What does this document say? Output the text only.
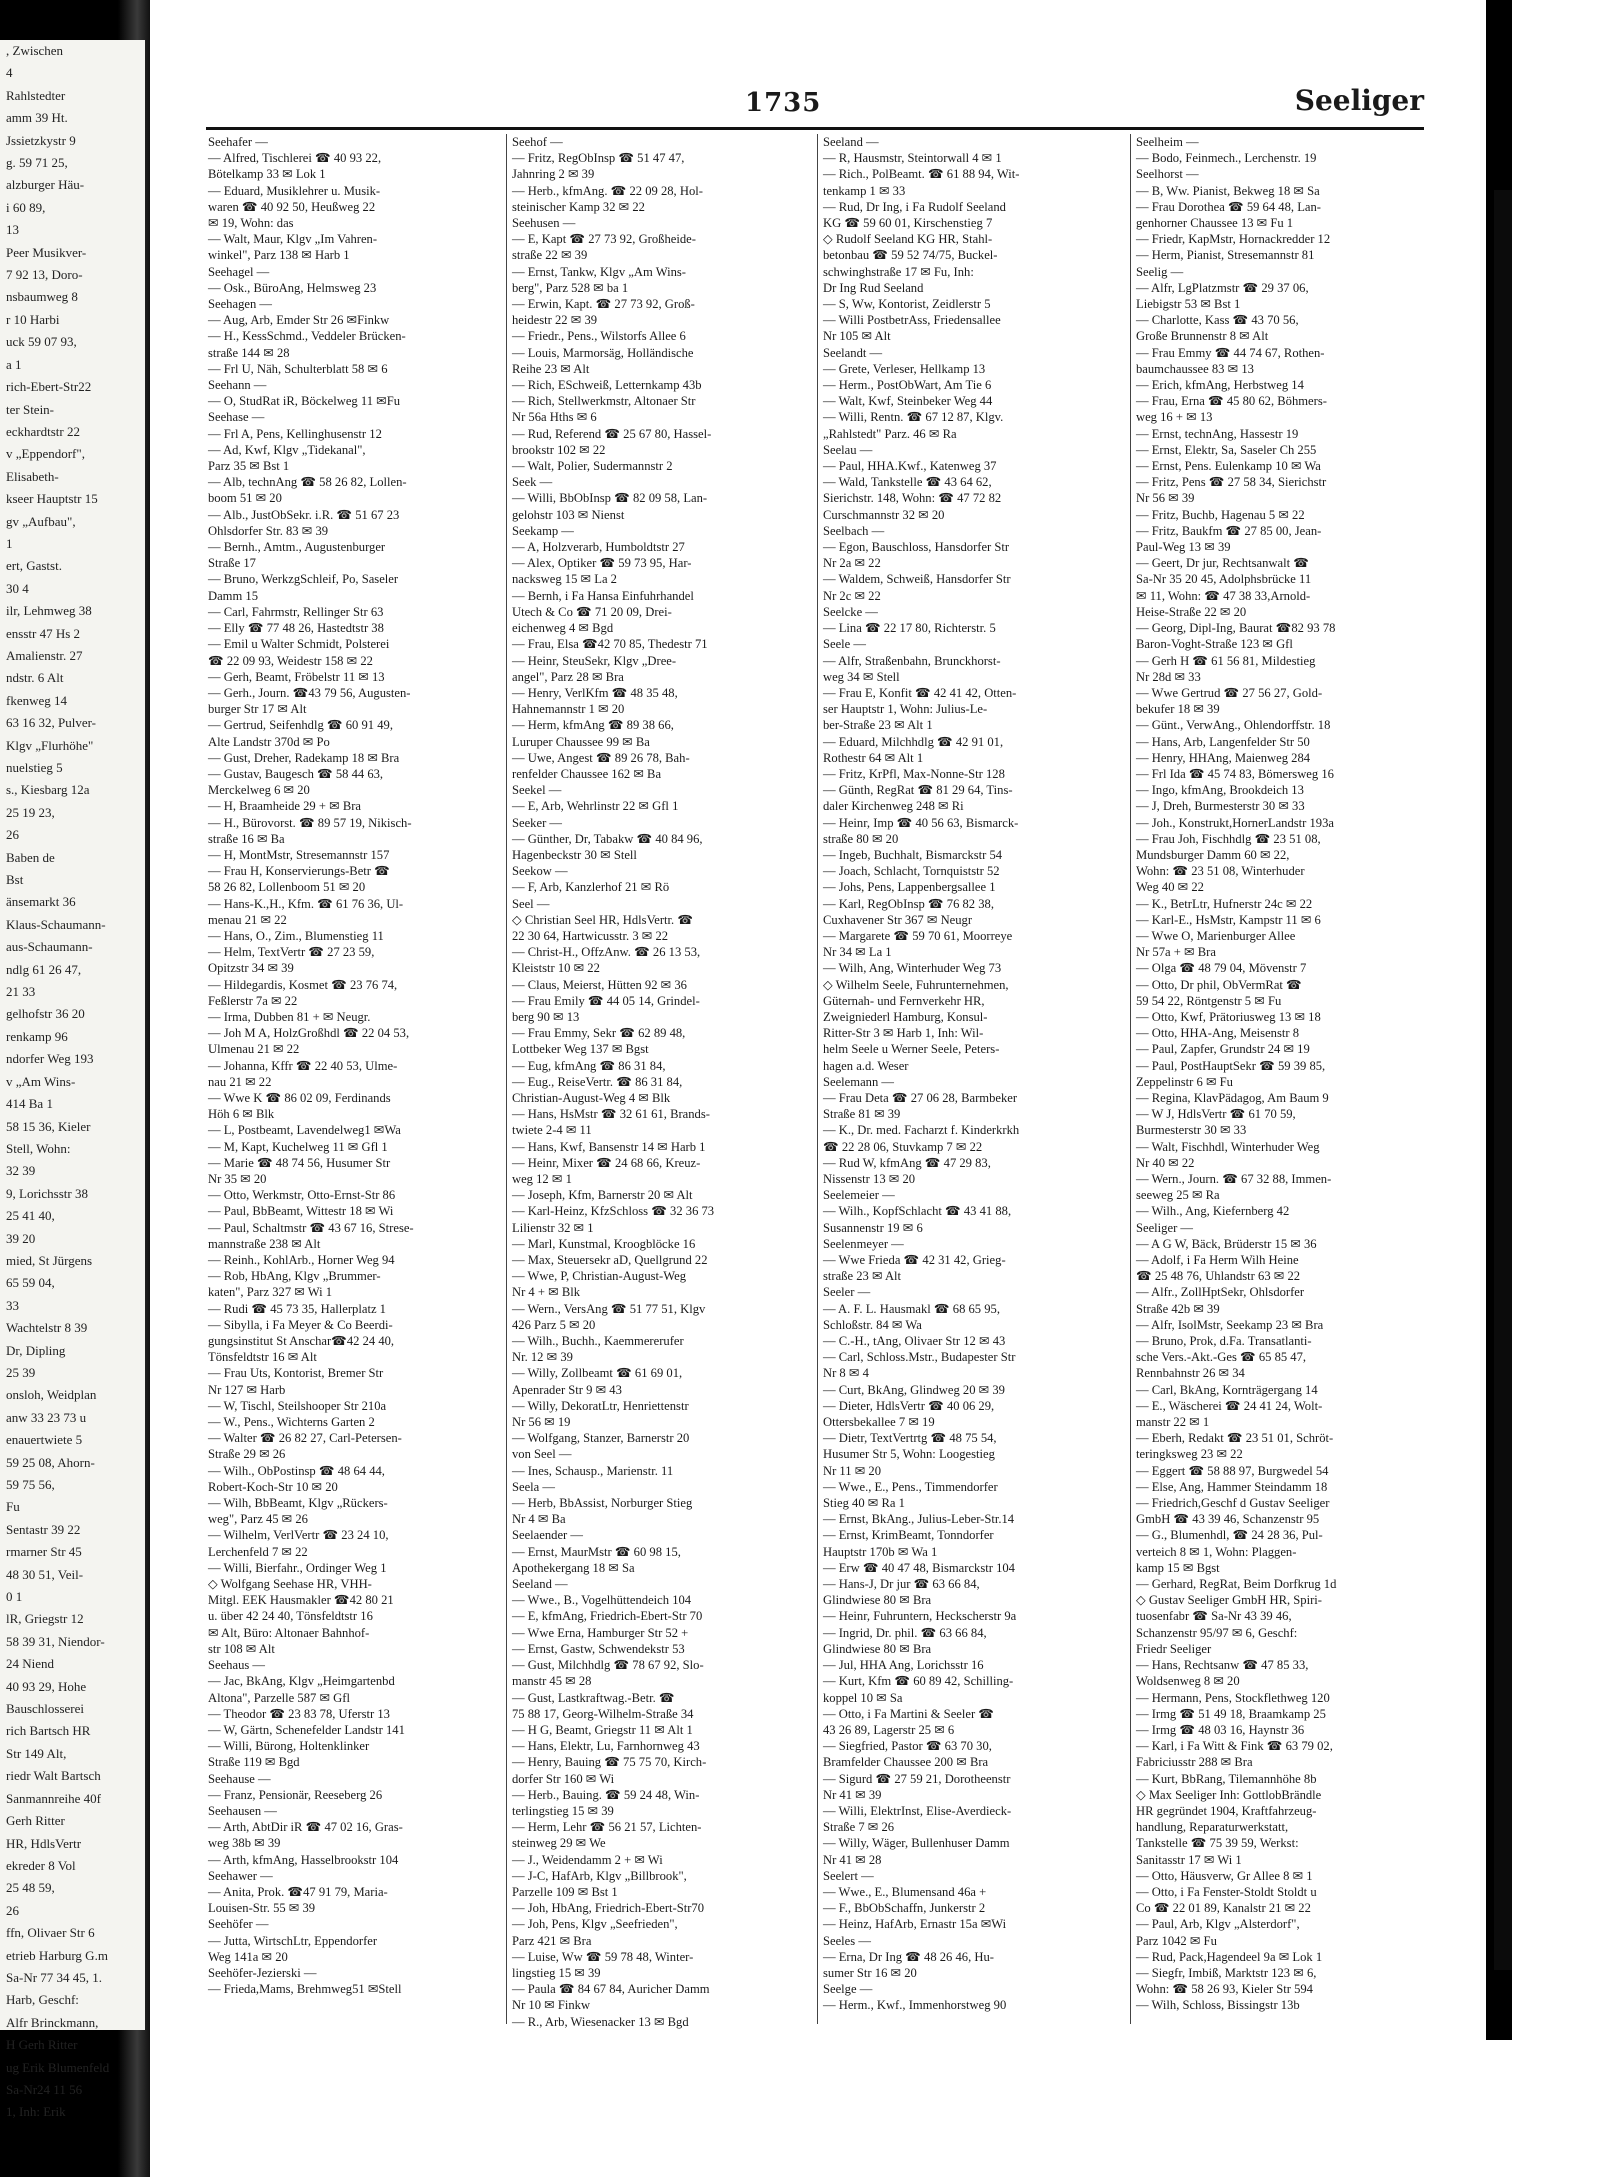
, Zwischen
4
Rahlstedter
amm 39 Ht.
Jssietzkystr 9
g. 59 71 25,
alzburger Häu-
i 60 89,
13
Peer Musikver-
7 92 13, Doro-
nsbaumweg 8
r 10 Harbi
uck 59 07 93,
a 1
rich-Ebert-Str22
ter Stein-
eckhardtstr 22
v „Eppendorf",
Elisabeth-
kseer Hauptstr 15
gv „Aufbau",
1
ert, Gastst.
30 4
ilr, Lehmweg 38
ensstr 47 Hs 2
Amalienstr. 27
ndstr. 6 Alt
fkenweg 14
63 16 32, Pulver-
Klgv „Flurhöhe"
nuelstieg 5
s., Kiesbarg 12a
25 19 23,
26
Baben de
Bst
änsemarkt 36
Klaus-Schaumann-
aus-Schaumann-
ndlg 61 26 47,
21 33
gelhofstr 36 20
renkamp 96
ndorfer Weg 193
v „Am Wins-
414 Ba 1
58 15 36, Kieler
Stell, Wohn:
32 39
9, Lorichsstr 38
25 41 40,
39 20
mied, St Jürgens
65 59 04,
33
Wachtelstr 8 39
Dr, Dipling
25 39
onsloh, Weidplan
anw 33 23 73 u
enauertwiete 5
59 25 08, Ahorn-
59 75 56,
Fu
Sentastr 39 22
rmarner Str 45
48 30 51, Veil-
0 1
lR, Griegstr 12
58 39 31, Niendor-
24 Niend
40 93 29, Hohe
Bauschlosserei
rich Bartsch HR
Str 149 Alt,
riedr Walt Bartsch
Sanmannreihe 40f
Gerh Ritter
HR, HdlsVertr
ekreder 8 Vol
25 48 59,
26
ffn, Olivaer Str 6
etrieb Harburg G.m
Sa-Nr 77 34 45, 1.
Harb, Geschf:
Alfr Brinckmann,
H Gerh Ritter
ug Erik Blumenfeld
Sa-Nr24 11 56
1, Inh: Erik
1735	Seeliger
Seehafer —
— Alfred, Tischlerei ☎ 40 93 22,
Bötelkamp 33 ✉ Lok 1
— Eduard, Musiklehrer u. Musik-
waren ☎ 40 92 50, Heußweg 22
✉ 19, Wohn: das
— Walt, Maur, Klgv „Im Vahren-
winkel", Parz 138 ✉ Harb 1
Seehagel —
— Osk., BüroAng, Helmsweg 23
Seehagen —
— Aug, Arb, Emder Str 26 ✉Finkw
— H., KessSchmd., Veddeler Brücken-
straße 144 ✉ 28
— Frl U, Näh, Schulterblatt 58 ✉ 6
Seehann —
— O, StudRat iR, Böckelweg 11 ✉Fu
Seehase —
— Frl A, Pens, Kellinghusenstr 12
— Ad, Kwf, Klgv „Tidekanal",
Parz 35 ✉ Bst 1
— Alb, technAng ☎ 58 26 82, Lollen-
boom 51 ✉ 20
— Alb., JustObSekr. i.R. ☎ 51 67 23
Ohlsdorfer Str. 83 ✉ 39
— Bernh., Amtm., Augustenburger
Straße 17
— Bruno, WerkzgSchleif, Po, Saseler
Damm 15
— Carl, Fahrmstr, Rellinger Str 63
— Elly ☎ 77 48 26, Hastedtstr 38
— Emil u Walter Schmidt, Polsterei
☎ 22 09 93, Weidestr 158 ✉ 22
— Gerh, Beamt, Fröbelstr 11 ✉ 13
— Gerh., Journ. ☎43 79 56, Augusten-
burger Str 17 ✉ Alt
— Gertrud, Seifenhdlg ☎ 60 91 49,
Alte Landstr 370d ✉ Po
— Gust, Dreher, Radekamp 18 ✉ Bra
— Gustav, Baugesch ☎ 58 44 63,
Merckelweg 6 ✉ 20
— H, Braamheide 29 + ✉ Bra
— H., Bürovorst. ☎ 89 57 19, Nikisch-
straße 16 ✉ Ba
— H, MontMstr, Stresemannstr 157
— Frau H, Konservierungs-Betr ☎
58 26 82, Lollenboom 51 ✉ 20
— Hans-K.,H., Kfm. ☎ 61 76 36, Ul-
menau 21 ✉ 22
— Hans, O., Zim., Blumenstieg 11
— Helm, TextVertr ☎ 27 23 59,
Opitzstr 34 ✉ 39
— Hildegardis, Kosmet ☎ 23 76 74,
Feßlerstr 7a ✉ 22
— Irma, Dubben 81 + ✉ Neugr.
— Joh M A, HolzGroßhdl ☎ 22 04 53,
Ulmenau 21 ✉ 22
— Johanna, Kffr ☎ 22 40 53, Ulme-
nau 21 ✉ 22
— Wwe K ☎ 86 02 09, Ferdinands
Höh 6 ✉ Blk
— L, Postbeamt, Lavendelweg1 ✉Wa
— M, Kapt, Kuchelweg 11 ✉ Gfl 1
— Marie ☎ 48 74 56, Husumer Str
Nr 35 ✉ 20
— Otto, Werkmstr, Otto-Ernst-Str 86
— Paul, BbBeamt, Wittestr 18 ✉ Wi
— Paul, Schaltmstr ☎ 43 67 16, Strese-
mannstraße 238 ✉ Alt
— Reinh., KohlArb., Horner Weg 94
— Rob, HbAng, Klgv „Brummer-
katen", Parz 327 ✉ Wi 1
— Rudi ☎ 45 73 35, Hallerplatz 1
— Sibylla, i Fa Meyer & Co Beerdi-
gungsinstitut St Anschar☎42 24 40,
Tönsfeldtstr 16 ✉ Alt
— Frau Uts, Kontorist, Bremer Str
Nr 127 ✉ Harb
— W, Tischl, Steilshooper Str 210a
— W., Pens., Wichterns Garten 2
— Walter ☎ 26 82 27, Carl-Petersen-
Straße 29 ✉ 26
— Wilh., ObPostinsp ☎ 48 64 44,
Robert-Koch-Str 10 ✉ 20
— Wilh, BbBeamt, Klgv „Rückers-
weg", Parz 45 ✉ 26
— Wilhelm, VerlVertr ☎ 23 24 10,
Lerchenfeld 7 ✉ 22
— Willi, Bierfahr., Ordinger Weg 1
◇ Wolfgang Seehase HR, VHH-
Mitgl. EEK Hausmakler ☎42 80 21
u. über 42 24 40, Tönsfeldtstr 16
✉ Alt, Büro: Altonaer Bahnhof-
str 108 ✉ Alt
Seehaus —
— Jac, BkAng, Klgv „Heimgartenbd
Altona", Parzelle 587 ✉ Gfl
— Theodor ☎ 23 83 78, Uferstr 13
— W, Gärtn, Schenefelder Landstr 141
— Willi, Bürong, Holtenklinker
Straße 119 ✉ Bgd
Seehause —
— Franz, Pensionär, Reeseberg 26
Seehausen —
— Arth, AbtDir iR ☎ 47 02 16, Gras-
weg 38b ✉ 39
— Arth, kfmAng, Hasselbrookstr 104
Seehawer —
— Anita, Prok. ☎47 91 79, Maria-
Louisen-Str. 55 ✉ 39
Seehöfer —
— Jutta, WirtschLtr, Eppendorfer
Weg 141a ✉ 20
Seehöfer-Jezierski —
— Frieda,Mams, Brehmweg51 ✉Stell
Seehof —
— Fritz, RegObInsp ☎ 51 47 47,
Jahnring 2 ✉ 39
— Herb., kfmAng. ☎ 22 09 28, Hol-
steinischer Kamp 32 ✉ 22
Seehusen —
— E, Kapt ☎ 27 73 92, Großheide-
straße 22 ✉ 39
— Ernst, Tankw, Klgv „Am Wins-
berg", Parz 528 ✉ ba 1
— Erwin, Kapt. ☎ 27 73 92, Groß-
heidestr 22 ✉ 39
— Friedr., Pens., Wilstorfs Allee 6
— Louis, Marmorsäg, Holländische
Reihe 23 ✉ Alt
— Rich, ESchweiß, Letternkamp 43b
— Rich, Stellwerkmstr, Altonaer Str
Nr 56a Hths ✉ 6
— Rud, Referend ☎ 25 67 80, Hassel-
brookstr 102 ✉ 22
— Walt, Polier, Sudermannstr 2
Seek —
— Willi, BbObInsp ☎ 82 09 58, Lan-
gelohstr 103 ✉ Nienst
Seekamp —
— A, Holzverarb, Humboldtstr 27
— Alex, Optiker ☎ 59 73 95, Har-
nacksweg 15 ✉ La 2
— Bernh, i Fa Hansa Einfuhrhandel
Utech & Co ☎ 71 20 09, Drei-
eichenweg 4 ✉ Bgd
— Frau, Elsa ☎42 70 85, Thedestr 71
— Heinr, SteuSekr, Klgv „Dree-
angel", Parz 28 ✉ Bra
— Henry, VerlKfm ☎ 48 35 48,
Hahnemannstr 1 ✉ 20
— Herm, kfmAng ☎ 89 38 66,
Luruper Chaussee 99 ✉ Ba
— Uwe, Angest ☎ 89 26 78, Bah-
renfelder Chaussee 162 ✉ Ba
Seekel —
— E, Arb, Wehrlinstr 22 ✉ Gfl 1
Seeker —
— Günther, Dr, Tabakw ☎ 40 84 96,
Hagenbeckstr 30 ✉ Stell
Seekow —
— F, Arb, Kanzlerhof 21 ✉ Rö
Seel —
◇ Christian Seel HR, HdlsVertr. ☎
22 30 64, Hartwicusstr. 3 ✉ 22
— Christ-H., OffzAnw. ☎ 26 13 53,
Kleiststr 10 ✉ 22
— Claus, Meierst, Hütten 92 ✉ 36
— Frau Emily ☎ 44 05 14, Grindel-
berg 90 ✉ 13
— Frau Emmy, Sekr ☎ 62 89 48,
Lottbeker Weg 137 ✉ Bgst
— Eug, kfmAng ☎ 86 31 84,
— Eug., ReiseVertr. ☎ 86 31 84,
Christian-August-Weg 4 ✉ Blk
— Hans, HsMstr ☎ 32 61 61, Brands-
twiete 2-4 ✉ 11
— Hans, Kwf, Bansenstr 14 ✉ Harb 1
— Heinr, Mixer ☎ 24 68 66, Kreuz-
weg 12 ✉ 1
— Joseph, Kfm, Barnerstr 20 ✉ Alt
— Karl-Heinz, KfzSchloss ☎ 32 36 73
Lilienstr 32 ✉ 1
— Marl, Kunstmal, Kroogblöcke 16
— Max, Steuersekr aD, Quellgrund 22
— Wwe, P, Christian-August-Weg
Nr 4 + ✉ Blk
— Wern., VersAng ☎ 51 77 51, Klgv
426 Parz 5 ✉ 20
— Wilh., Buchh., Kaemmererufer
Nr. 12 ✉ 39
— Willy, Zollbeamt ☎ 61 69 01,
Apenrader Str 9 ✉ 43
— Willy, DekoratLtr, Henriettenstr
Nr 56 ✉ 19
— Wolfgang, Stanzer, Barnerstr 20
von Seel —
— Ines, Schausp., Marienstr. 11
Seela —
— Herb, BbAssist, Norburger Stieg
Nr 4 ✉ Ba
Seelaender —
— Ernst, MaurMstr ☎ 60 98 15,
Apothekergang 18 ✉ Sa
Seeland —
— Wwe., B., Vogelhüttendeich 104
— E, kfmAng, Friedrich-Ebert-Str 70
— Wwe Erna, Hamburger Str 52 +
— Ernst, Gastw, Schwendekstr 53
— Gust, Milchhdlg ☎ 78 67 92, Slo-
manstr 45 ✉ 28
— Gust, Lastkraftwag.-Betr. ☎
75 88 17, Georg-Wilhelm-Straße 34
— H G, Beamt, Griegstr 11 ✉ Alt 1
— Hans, Elektr, Lu, Farnhornweg 43
— Henry, Bauing ☎ 75 75 70, Kirch-
dorfer Str 160 ✉ Wi
— Herb., Bauing. ☎ 59 24 48, Win-
terlingstieg 15 ✉ 39
— Herm, Lehr ☎ 56 21 57, Lichten-
steinweg 29 ✉ We
— J., Weidendamm 2 + ✉ Wi
— J-C, HafArb, Klgv „Billbrook",
Parzelle 109 ✉ Bst 1
— Joh, HbAng, Friedrich-Ebert-Str70
— Joh, Pens, Klgv „Seefrieden",
Parz 421 ✉ Bra
— Luise, Ww ☎ 59 78 48, Winter-
lingstieg 15 ✉ 39
— Paula ☎ 84 67 84, Auricher Damm
Nr 10 ✉ Finkw
— R., Arb, Wiesenacker 13 ✉ Bgd
Seeland —
— R, Hausmstr, Steintorwall 4 ✉ 1
— Rich., PolBeamt. ☎ 61 88 94, Wit-
tenkamp 1 ✉ 33
— Rud, Dr Ing, i Fa Rudolf Seeland
KG ☎ 59 60 01, Kirschenstieg 7
◇ Rudolf Seeland KG HR, Stahl-
betonbau ☎ 59 52 74/75, Buckel-
schwinghstraße 17 ✉ Fu, Inh:
Dr Ing Rud Seeland
— S, Ww, Kontorist, Zeidlerstr 5
— Willi PostbetrAss, Friedensallee
Nr 105 ✉ Alt
Seelandt —
— Grete, Verleser, Hellkamp 13
— Herm., PostObWart, Am Tie 6
— Walt, Kwf, Steinbeker Weg 44
— Willi, Rentn. ☎ 67 12 87, Klgv.
„Rahlstedt" Parz. 46 ✉ Ra
Seelau —
— Paul, HHA.Kwf., Katenweg 37
— Wald, Tankstelle ☎ 43 64 62,
Sierichstr. 148, Wohn: ☎ 47 72 82
Curschmannstr 32 ✉ 20
Seelbach —
— Egon, Bauschloss, Hansdorfer Str
Nr 2a ✉ 22
— Waldem, Schweiß, Hansdorfer Str
Nr 2c ✉ 22
Seelcke —
— Lina ☎ 22 17 80, Richterstr. 5
Seele —
— Alfr, Straßenbahn, Brunckhorst-
weg 34 ✉ Stell
— Frau E, Konfit ☎ 42 41 42, Otten-
ser Hauptstr 1, Wohn: Julius-Le-
ber-Straße 23 ✉ Alt 1
— Eduard, Milchhdlg ☎ 42 91 01,
Rothestr 64 ✉ Alt 1
— Fritz, KrPfl, Max-Nonne-Str 128
— Günth, RegRat ☎ 81 29 64, Tins-
daler Kirchenweg 248 ✉ Ri
— Heinr, Imp ☎ 40 56 63, Bismarck-
straße 80 ✉ 20
— Ingeb, Buchhalt, Bismarckstr 54
— Joach, Schlacht, Tornquiststr 52
— Johs, Pens, Lappenbergsallee 1
— Karl, RegObInsp ☎ 76 82 38,
Cuxhavener Str 367 ✉ Neugr
— Margarete ☎ 59 70 61, Moorreye
Nr 34 ✉ La 1
— Wilh, Ang, Winterhuder Weg 73
◇ Wilhelm Seele, Fuhrunternehmen,
Güternah- und Fernverkehr HR,
Zweigniederl Hamburg, Konsul-
Ritter-Str 3 ✉ Harb 1, Inh: Wil-
helm Seele u Werner Seele, Peters-
hagen a.d. Weser
Seelemann —
— Frau Deta ☎ 27 06 28, Barmbeker
Straße 81 ✉ 39
— K., Dr. med. Facharzt f. Kinderkrkh
☎ 22 28 06, Stuvkamp 7 ✉ 22
— Rud W, kfmAng ☎ 47 29 83,
Nissenstr 13 ✉ 20
Seelemeier —
— Wilh., KopfSchlacht ☎ 43 41 88,
Susannenstr 19 ✉ 6
Seelenmeyer —
— Wwe Frieda ☎ 42 31 42, Grieg-
straße 23 ✉ Alt
Seeler —
— A. F. L. Hausmakl ☎ 68 65 95,
Schloßstr. 84 ✉ Wa
— C.-H., tAng, Olivaer Str 12 ✉ 43
— Carl, Schloss.Mstr., Budapester Str
Nr 8 ✉ 4
— Curt, BkAng, Glindweg 20 ✉ 39
— Dieter, HdlsVertr ☎ 40 06 29,
Ottersbekallee 7 ✉ 19
— Dietr, TextVertrtg ☎ 48 75 54,
Husumer Str 5, Wohn: Loogestieg
Nr 11 ✉ 20
— Wwe., E., Pens., Timmendorfer
Stieg 40 ✉ Ra 1
— Ernst, BkAng., Julius-Leber-Str.14
— Ernst, KrimBeamt, Tonndorfer
Hauptstr 170b ✉ Wa 1
— Erw ☎ 40 47 48, Bismarckstr 104
— Hans-J, Dr jur ☎ 63 66 84,
Glindwiese 80 ✉ Bra
— Heinr, Fuhruntern, Heckscherstr 9a
— Ingrid, Dr. phil. ☎ 63 66 84,
Glindwiese 80 ✉ Bra
— Jul, HHA Ang, Lorichsstr 16
— Kurt, Kfm ☎ 60 89 42, Schilling-
koppel 10 ✉ Sa
— Otto, i Fa Martini & Seeler ☎
43 26 89, Lagerstr 25 ✉ 6
— Siegfried, Pastor ☎ 63 70 30,
Bramfelder Chaussee 200 ✉ Bra
— Sigurd ☎ 27 59 21, Dorotheenstr
Nr 41 ✉ 39
— Willi, ElektrInst, Elise-Averdieck-
Straße 7 ✉ 26
— Willy, Wäger, Bullenhuser Damm
Nr 41 ✉ 28
Seelert —
— Wwe., E., Blumensand 46a +
— F., BbObSchaffn, Junkerstr 2
— Heinz, HafArb, Ernastr 15a ✉Wi
Seeles —
— Erna, Dr Ing ☎ 48 26 46, Hu-
sumer Str 16 ✉ 20
Seelge —
— Herm., Kwf., Immenhorstweg 90
Seelheim —
— Bodo, Feinmech., Lerchenstr. 19
Seelhorst —
— B, Ww. Pianist, Bekweg 18 ✉ Sa
— Frau Dorothea ☎ 59 64 48, Lan-
genhorner Chaussee 13 ✉ Fu 1
— Friedr, KapMstr, Hornackredder 12
— Herm, Pianist, Stresemannstr 81
Seelig —
— Alfr, LgPlatzmstr ☎ 29 37 06,
Liebigstr 53 ✉ Bst 1
— Charlotte, Kass ☎ 43 70 56,
Große Brunnenstr 8 ✉ Alt
— Frau Emmy ☎ 44 74 67, Rothen-
baumchaussee 83 ✉ 13
— Erich, kfmAng, Herbstweg 14
— Frau, Erna ☎ 45 80 62, Böhmers-
weg 16 + ✉ 13
— Ernst, technAng, Hassestr 19
— Ernst, Elektr, Sa, Saseler Ch 255
— Ernst, Pens. Eulenkamp 10 ✉ Wa
— Fritz, Pens ☎ 27 58 34, Sierichstr
Nr 56 ✉ 39
— Fritz, Buchb, Hagenau 5 ✉ 22
— Fritz, Baukfm ☎ 27 85 00, Jean-
Paul-Weg 13 ✉ 39
— Geert, Dr jur, Rechtsanwalt ☎
Sa-Nr 35 20 45, Adolphsbrücke 11
✉ 11, Wohn: ☎ 47 38 33,Arnold-
Heise-Straße 22 ✉ 20
— Georg, Dipl-Ing, Baurat ☎82 93 78
Baron-Voght-Straße 123 ✉ Gfl
— Gerh H ☎ 61 56 81, Mildestieg
Nr 28d ✉ 33
— Wwe Gertrud ☎ 27 56 27, Gold-
bekufer 18 ✉ 39
— Günt., VerwAng., Ohlendorffstr. 18
— Hans, Arb, Langenfelder Str 50
— Henry, HHAng, Maienweg 284
— Frl Ida ☎ 45 74 83, Bömersweg 16
— Ingo, kfmAng, Brookdeich 13
— J, Dreh, Burmesterstr 30 ✉ 33
— Joh., Konstrukt,HornerLandstr 193a
— Frau Joh, Fischhdlg ☎ 23 51 08,
Mundsburger Damm 60 ✉ 22,
Wohn: ☎ 23 51 08, Winterhuder
Weg 40 ✉ 22
— K., BetrLtr, Hufnerstr 24c ✉ 22
— Karl-E., HsMstr, Kampstr 11 ✉ 6
— Wwe O, Marienburger Allee
Nr 57a + ✉ Bra
— Olga ☎ 48 79 04, Mövenstr 7
— Otto, Dr phil, ObVermRat ☎
59 54 22, Röntgenstr 5 ✉ Fu
— Otto, Kwf, Prätoriusweg 13 ✉ 18
— Otto, HHA-Ang, Meisenstr 8
— Paul, Zapfer, Grundstr 24 ✉ 19
— Paul, PostHauptSekr ☎ 59 39 85,
Zeppelinstr 6 ✉ Fu
— Regina, KlavPädagog, Am Baum 9
— W J, HdlsVertr ☎ 61 70 59,
Burmesterstr 30 ✉ 33
— Walt, Fischhdl, Winterhuder Weg
Nr 40 ✉ 22
— Wern., Journ. ☎ 67 32 88, Immen-
seeweg 25 ✉ Ra
— Wilh., Ang, Kiefernberg 42
Seeliger —
— A G W, Bäck, Brüderstr 15 ✉ 36
— Adolf, i Fa Herm Wilh Heine
☎ 25 48 76, Uhlandstr 63 ✉ 22
— Alfr., ZollHptSekr, Ohlsdorfer
Straße 42b ✉ 39
— Alfr, IsolMstr, Seekamp 23 ✉ Bra
— Bruno, Prok, d.Fa. Transatlanti-
sche Vers.-Akt.-Ges ☎ 65 85 47,
Rennbahnstr 26 ✉ 34
— Carl, BkAng, Kornträgergang 14
— E., Wäscherei ☎ 24 41 24, Wolt-
manstr 22 ✉ 1
— Eberh, Redakt ☎ 23 51 01, Schröt-
teringksweg 23 ✉ 22
— Eggert ☎ 58 88 97, Burgwedel 54
— Else, Ang, Hammer Steindamm 18
— Friedrich,Geschf d Gustav Seeliger
GmbH ☎ 43 39 46, Schanzenstr 95
— G., Blumenhdl, ☎ 24 28 36, Pul-
verteich 8 ✉ 1, Wohn: Plaggen-
kamp 15 ✉ Bgst
— Gerhard, RegRat, Beim Dorfkrug 1d
◇ Gustav Seeliger GmbH HR, Spiri-
tuosenfabr ☎ Sa-Nr 43 39 46,
Schanzenstr 95/97 ✉ 6, Geschf:
Friedr Seeliger
— Hans, Rechtsanw ☎ 47 85 33,
Woldsenweg 8 ✉ 20
— Hermann, Pens, Stockflethweg 120
— Irmg ☎ 51 49 18, Braamkamp 25
— Irmg ☎ 48 03 16, Haynstr 36
— Karl, i Fa Witt & Fink ☎ 63 79 02,
Fabriciusstr 288 ✉ Bra
— Kurt, BbRang, Tilemannhöhe 8b
◇ Max Seeliger Inh: GottlobBrändle
HR gegründet 1904, Kraftfahrzeug-
handlung, Reparaturwerkstatt,
Tankstelle ☎ 75 39 59, Werkst:
Sanitasstr 17 ✉ Wi 1
— Otto, Häusverw, Gr Allee 8 ✉ 1
— Otto, i Fa Fenster-Stoldt Stoldt u
Co ☎ 22 01 89, Kanalstr 21 ✉ 22
— Paul, Arb, Klgv „Alsterdorf",
Parz 1042 ✉ Fu
— Rud, Pack,Hagendeel 9a ✉ Lok 1
— Siegfr, Imbiß, Marktstr 123 ✉ 6,
Wohn: ☎ 58 26 93, Kieler Str 594
— Wilh, Schloss, Bissingstr 13b
